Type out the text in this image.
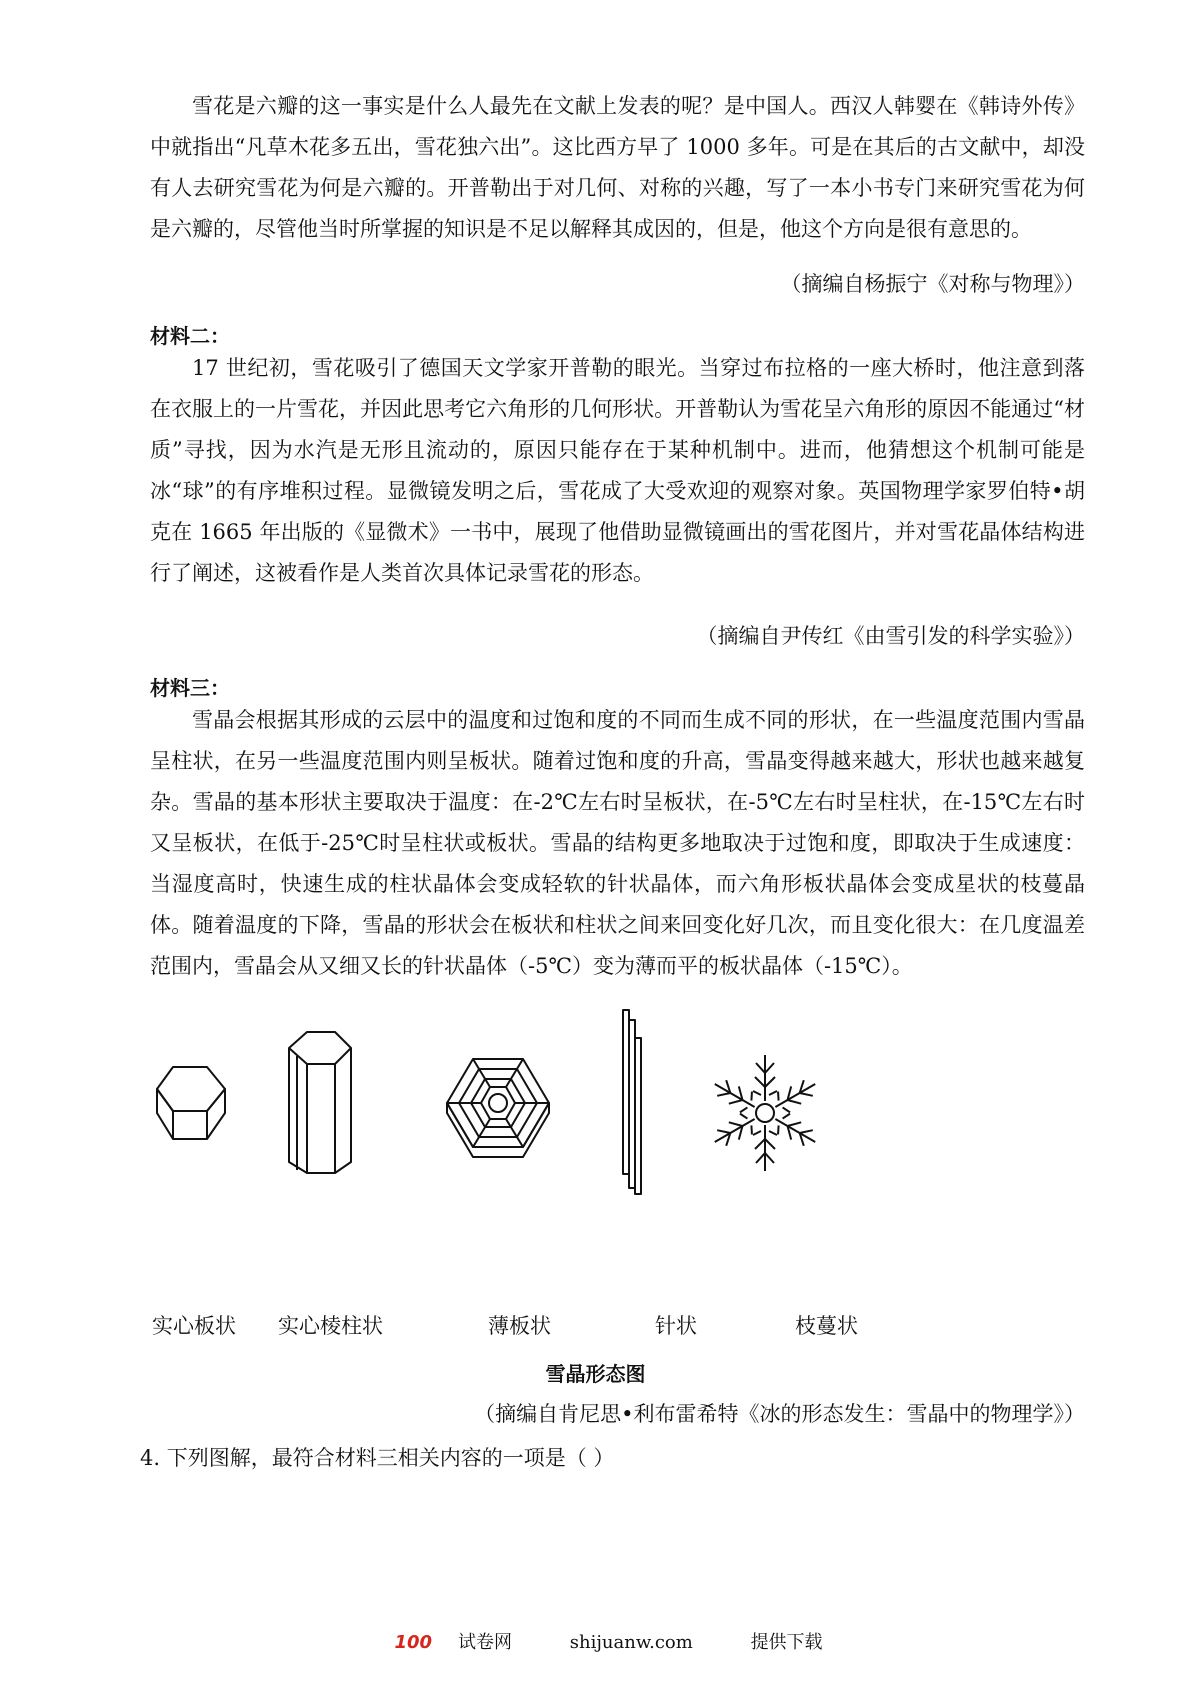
雪花是六瓣的这一事实是什么人最先在文献上发表的呢？是中国人。西汉人韩婴在《韩诗外传》中就指出“凡草木花多五出，雪花独六出”。这比西方早了 1000 多年。可是在其后的古文献中，却没有人去研究雪花为何是六瓣的。开普勒出于对几何、对称的兴趣，写了一本小书专门来研究雪花为何是六瓣的，尽管他当时所掌握的知识是不足以解释其成因的，但是，他这个方向是很有意思的。

（摘编自杨振宁《对称与物理》）

材料二：

17 世纪初，雪花吸引了德国天文学家开普勒的眼光。当穿过布拉格的一座大桥时，他注意到落在衣服上的一片雪花，并因此思考它六角形的几何形状。开普勒认为雪花呈六角形的原因不能通过“材质”寻找，因为水汽是无形且流动的，原因只能存在于某种机制中。进而，他猜想这个机制可能是冰“球”的有序堆积过程。显微镜发明之后，雪花成了大受欢迎的观察对象。英国物理学家罗伯特•胡克在 1665 年出版的《显微术》一书中，展现了他借助显微镜画出的雪花图片，并对雪花晶体结构进行了阐述，这被看作是人类首次具体记录雪花的形态。

（摘编自尹传红《由雪引发的科学实验》）

材料三：

雪晶会根据其形成的云层中的温度和过饱和度的不同而生成不同的形状，在一些温度范围内雪晶呈柱状，在另一些温度范围内则呈板状。随着过饱和度的升高，雪晶变得越来越大，形状也越来越复杂。雪晶的基本形状主要取决于温度：在-2℃左右时呈板状，在-5℃左右时呈柱状，在-15℃左右时又呈板状，在低于-25℃时呈柱状或板状。雪晶的结构更多地取决于过饱和度，即取决于生成速度：当湿度高时，快速生成的柱状晶体会变成轻软的针状晶体，而六角形板状晶体会变成星状的枝蔓晶体。随着温度的下降，雪晶的形状会在板状和柱状之间来回变化好几次，而且变化很大：在几度温差范围内，雪晶会从又细又长的针状晶体（-5℃）变为薄而平的板状晶体（-15℃）。

实心板状 实心棱柱状	薄板状	针状	枝蔓状

雪晶形态图

（摘编自肯尼思•利布雷希特《冰的形态发生：雪晶中的物理学》）

4. 下列图解，最符合材料三相关内容的一项是（ ）

100 试卷网	shijuanw.com	提供下载
